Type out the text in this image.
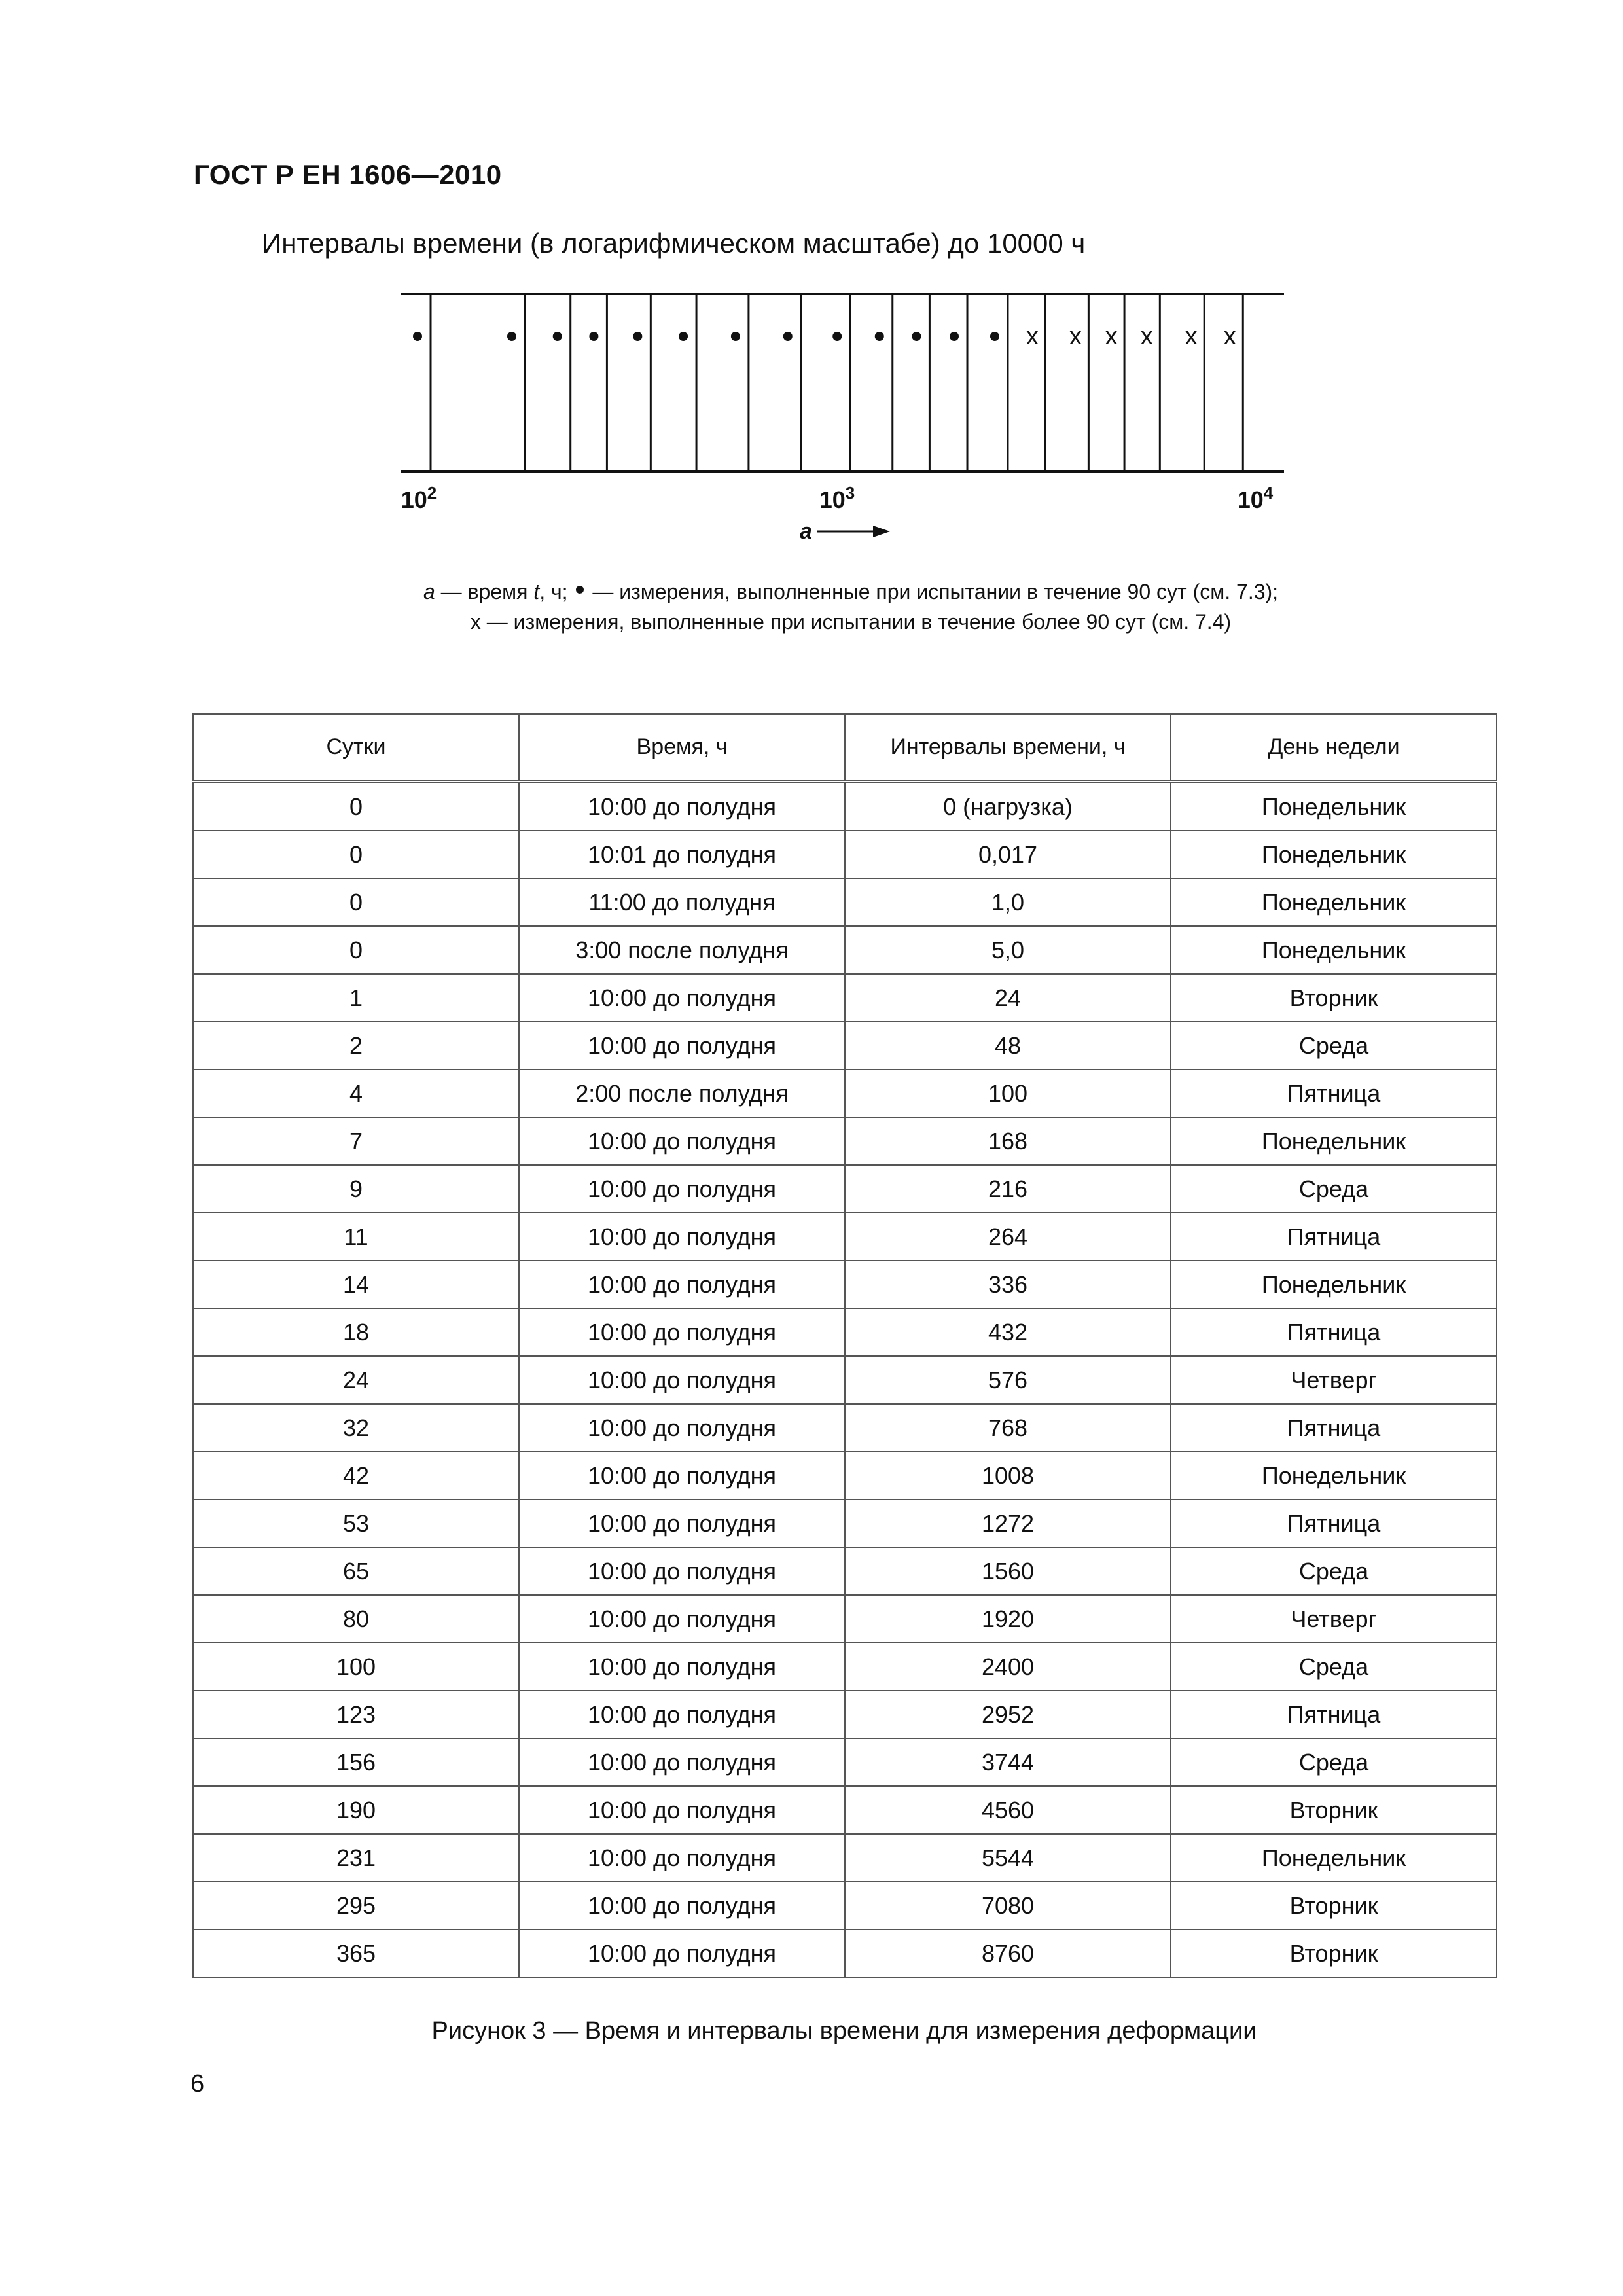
ГОСТ Р ЕН 1606—2010
Интервалы времени (в логарифмическом масштабе) до 10000 ч
x x x x x x
$10^2$	$10^3$	$10^4$
a
a — время t, ч;  — измерения, выполненные при испытании в течение 90 сут (см. 7.3);
x — измерения, выполненные при испытании в течение более 90 сут (см. 7.4)
Сутки	Время, ч	Интервалы времени, ч	День недели
0	10:00 до полудня	0 (нагрузка)	Понедельник
0	10:01 до полудня	0,017	Понедельник
0	11:00 до полудня	1,0	Понедельник
0	3:00 после полудня	5,0	Понедельник
1	10:00 до полудня	24	Вторник
2	10:00 до полудня	48	Среда
4	2:00 после полудня	100	Пятница
7	10:00 до полудня	168	Понедельник
9	10:00 до полудня	216	Среда
11	10:00 до полудня	264	Пятница
14	10:00 до полудня	336	Понедельник
18	10:00 до полудня	432	Пятница
24	10:00 до полудня	576	Четверг
32	10:00 до полудня	768	Пятница
42	10:00 до полудня	1008	Понедельник
53	10:00 до полудня	1272	Пятница
65	10:00 до полудня	1560	Среда
80	10:00 до полудня	1920	Четверг
100	10:00 до полудня	2400	Среда
123	10:00 до полудня	2952	Пятница
156	10:00 до полудня	3744	Среда
190	10:00 до полудня	4560	Вторник
231	10:00 до полудня	5544	Понедельник
295	10:00 до полудня	7080	Вторник
365	10:00 до полудня	8760	Вторник
Рисунок 3 — Время и интервалы времени для измерения деформации
6
